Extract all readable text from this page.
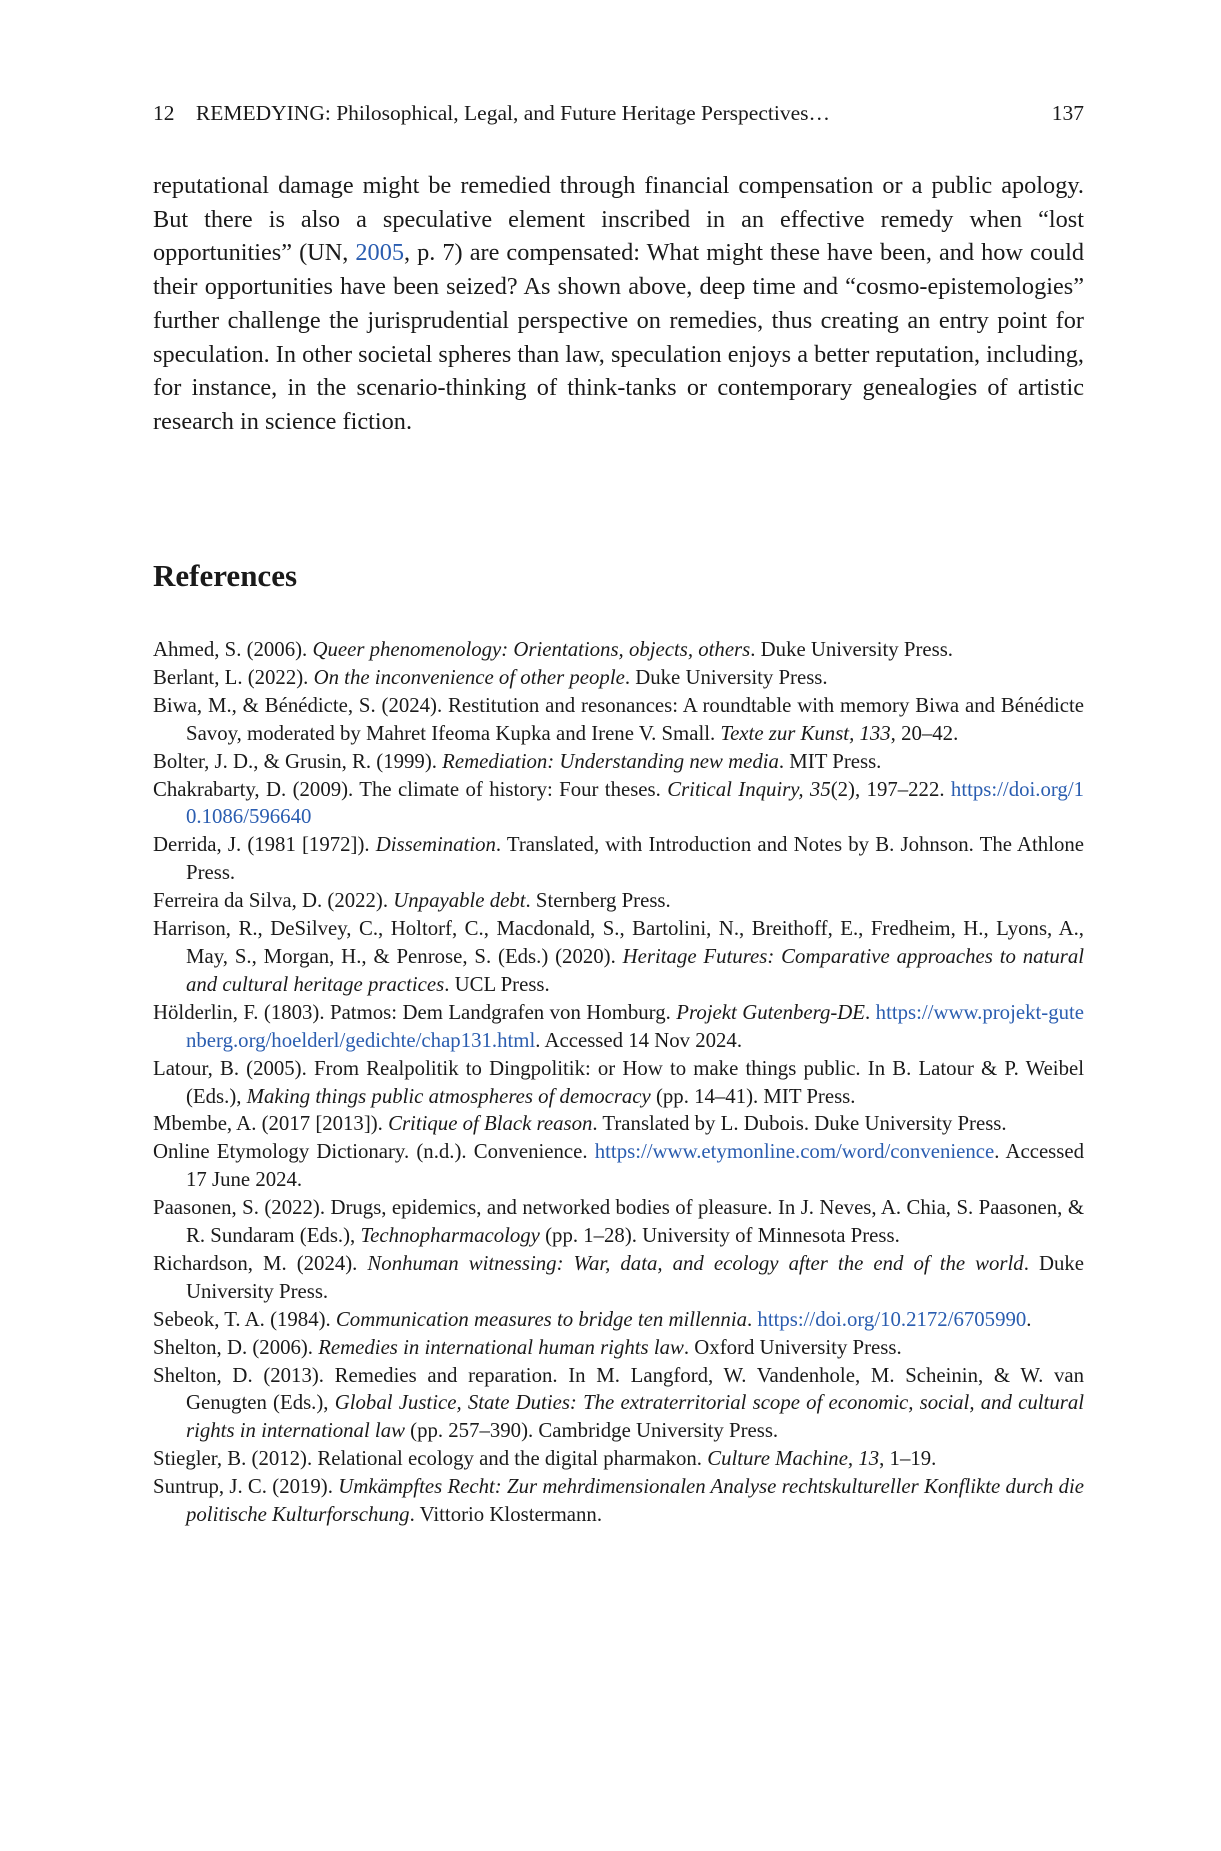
12 REMEDYING: Philosophical, Legal, and Future Heritage Perspectives…	137

reputational damage might be remedied through financial compensation or a public apology. But there is also a speculative element inscribed in an effective remedy when “lost opportunities” (UN, 2005, p. 7) are compensated: What might these have been, and how could their opportunities have been seized? As shown above, deep time and “cosmo-epistemologies” further challenge the jurisprudential perspective on remedies, thus creating an entry point for speculation. In other societal spheres than law, speculation enjoys a better reputation, including, for instance, in the scenario-thinking of think-tanks or contemporary genealogies of artistic research in science fiction.

References
Ahmed, S. (2006). Queer phenomenology: Orientations, objects, others. Duke University Press.
Berlant, L. (2022). On the inconvenience of other people. Duke University Press.
Biwa, M., & Bénédicte, S. (2024). Restitution and resonances: A roundtable with memory Biwa and Bénédicte Savoy, moderated by Mahret Ifeoma Kupka and Irene V. Small. Texte zur Kunst, 133, 20–42.
Bolter, J. D., & Grusin, R. (1999). Remediation: Understanding new media. MIT Press.
Chakrabarty, D. (2009). The climate of history: Four theses. Critical Inquiry, 35(2), 197–222. https://doi.org/10.1086/596640
Derrida, J. (1981 [1972]). Dissemination. Translated, with Introduction and Notes by B. Johnson. The Athlone Press.
Ferreira da Silva, D. (2022). Unpayable debt. Sternberg Press.
Harrison, R., DeSilvey, C., Holtorf, C., Macdonald, S., Bartolini, N., Breithoff, E., Fredheim, H., Lyons, A., May, S., Morgan, H., & Penrose, S. (Eds.) (2020). Heritage Futures: Comparative approaches to natural and cultural heritage practices. UCL Press.
Hölderlin, F. (1803). Patmos: Dem Landgrafen von Homburg. Projekt Gutenberg-DE. https://www.projekt-gutenberg.org/hoelderl/gedichte/chap131.html. Accessed 14 Nov 2024.
Latour, B. (2005). From Realpolitik to Dingpolitik: or How to make things public. In B. Latour & P. Weibel (Eds.), Making things public atmospheres of democracy (pp. 14–41). MIT Press.
Mbembe, A. (2017 [2013]). Critique of Black reason. Translated by L. Dubois. Duke University Press.
Online Etymology Dictionary. (n.d.). Convenience. https://www.etymonline.com/word/convenience. Accessed 17 June 2024.
Paasonen, S. (2022). Drugs, epidemics, and networked bodies of pleasure. In J. Neves, A. Chia, S. Paasonen, & R. Sundaram (Eds.), Technopharmacology (pp. 1–28). University of Minnesota Press.
Richardson, M. (2024). Nonhuman witnessing: War, data, and ecology after the end of the world. Duke University Press.
Sebeok, T. A. (1984). Communication measures to bridge ten millennia. https://doi.org/10.2172/6705990.
Shelton, D. (2006). Remedies in international human rights law. Oxford University Press.
Shelton, D. (2013). Remedies and reparation. In M. Langford, W. Vandenhole, M. Scheinin, & W. van Genugten (Eds.), Global Justice, State Duties: The extraterritorial scope of economic, social, and cultural rights in international law (pp. 257–390). Cambridge University Press.
Stiegler, B. (2012). Relational ecology and the digital pharmakon. Culture Machine, 13, 1–19.
Suntrup, J. C. (2019). Umkämpftes Recht: Zur mehrdimensionalen Analyse rechtskultureller Konflikte durch die politische Kulturforschung. Vittorio Klostermann.
